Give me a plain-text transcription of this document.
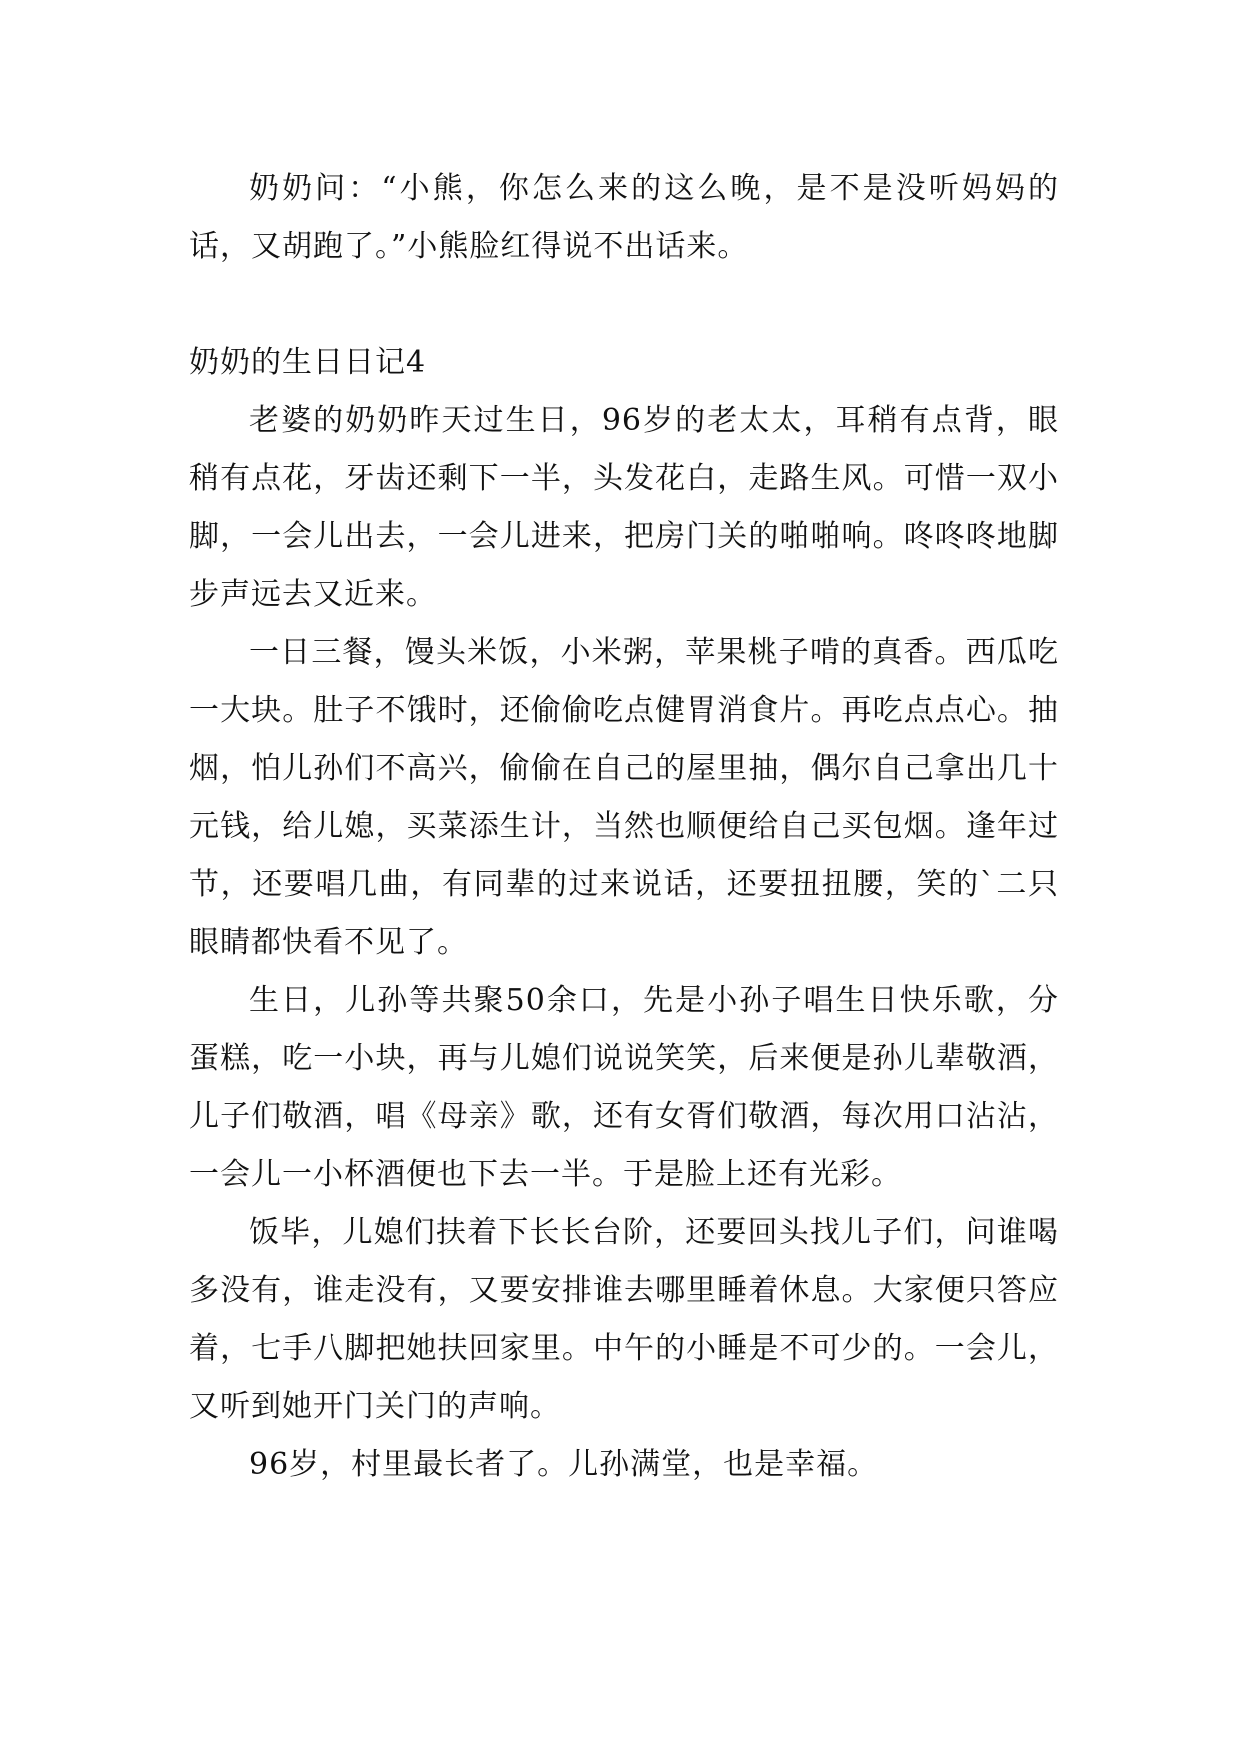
奶奶问：“小熊，你怎么来的这么晚，是不是没听妈妈的话，又胡跑了。”小熊脸红得说不出话来。

奶奶的生日日记4

老婆的奶奶昨天过生日，96岁的老太太，耳稍有点背，眼稍有点花，牙齿还剩下一半，头发花白，走路生风。可惜一双小脚，一会儿出去，一会儿进来，把房门关的啪啪响。咚咚咚地脚步声远去又近来。

一日三餐，馒头米饭，小米粥，苹果桃子啃的真香。西瓜吃一大块。肚子不饿时，还偷偷吃点健胃消食片。再吃点点心。抽烟，怕儿孙们不高兴，偷偷在自己的屋里抽，偶尔自己拿出几十元钱，给儿媳，买菜添生计，当然也顺便给自己买包烟。逢年过节，还要唱几曲，有同辈的过来说话，还要扭扭腰，笑的`二只眼睛都快看不见了。

生日，儿孙等共聚50余口，先是小孙子唱生日快乐歌，分蛋糕，吃一小块，再与儿媳们说说笑笑，后来便是孙儿辈敬酒，儿子们敬酒，唱《母亲》歌，还有女胥们敬酒，每次用口沾沾，一会儿一小杯酒便也下去一半。于是脸上还有光彩。

饭毕，儿媳们扶着下长长台阶，还要回头找儿子们，问谁喝多没有，谁走没有，又要安排谁去哪里睡着休息。大家便只答应着，七手八脚把她扶回家里。中午的小睡是不可少的。一会儿，又听到她开门关门的声响。

96岁，村里最长者了。儿孙满堂，也是幸福。
